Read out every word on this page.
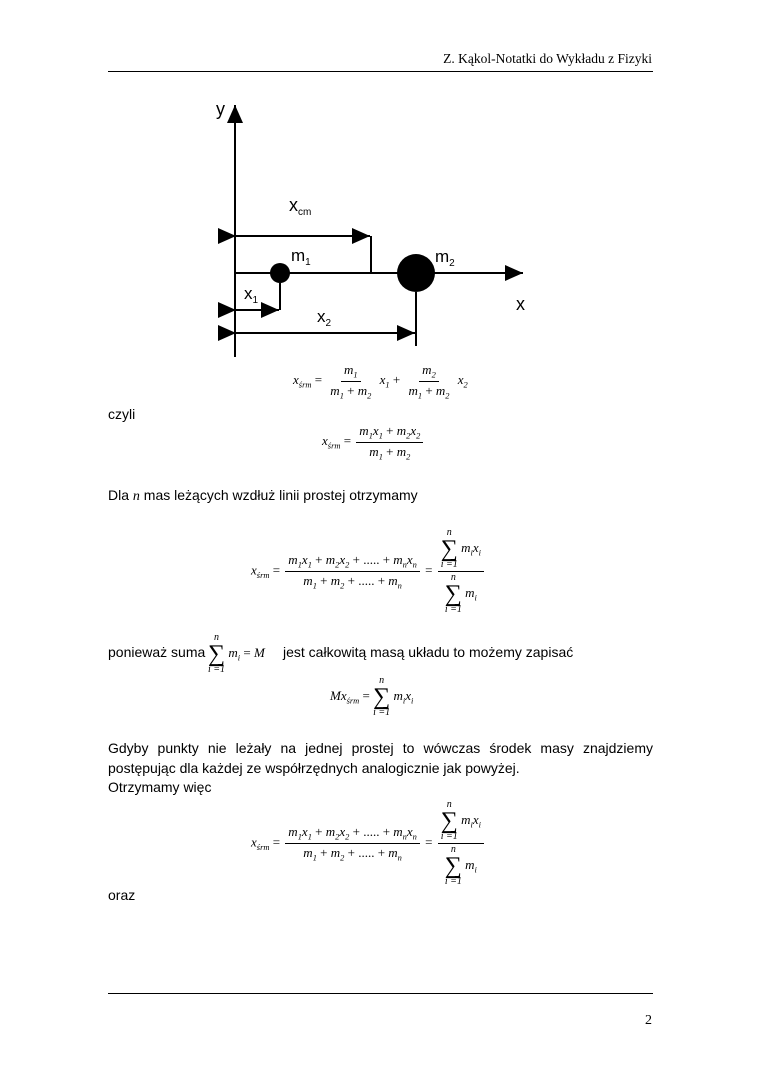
Z. Kąkol-Notatki do Wykładu z Fizyki
y
x
$x_{cm}$
$m_1$
$x_1$
$m_2$
$x_2$
$x_{śrm} = \frac{m_1}{m_1 + m_2} x_1 + \frac{m_2}{m_1 + m_2} x_2$
czyli
$x_{śrm} = \frac{m_1x_1 + m_2x_2}{m_1 + m_2}$
Dla n mas leżących wzdłuż linii prostej otrzymamy
$x_{śrm} = \frac{m_1x_1 + m_2x_2 + ..... + m_nx_n}{m_1 + m_2 + ..... + m_n} = n$
∑
i =1
$m_ix_i$
n
∑
i =1
$m_i$
ponieważ suma
n
∑
i =1
$m_i = M$ jest całkowitą masą układu to możemy zapisać
$Mx_{śrm}$ =
n
∑
i =1
$m_ix_i$
Gdyby punkty nie leżały na jednej prostej to wówczas środek masy znajdziemy
postępując dla każdej ze współrzędnych analogicznie jak powyżej.
Otrzymamy więc
$x_{śrm} = \frac{m_1x_1 + m_2x_2 + ..... + m_nx_n}{m_1 + m_2 + ..... + m_n} = n$
∑
i =1
$m_ix_i$
n
∑
i =1
$m_i$
oraz
2
